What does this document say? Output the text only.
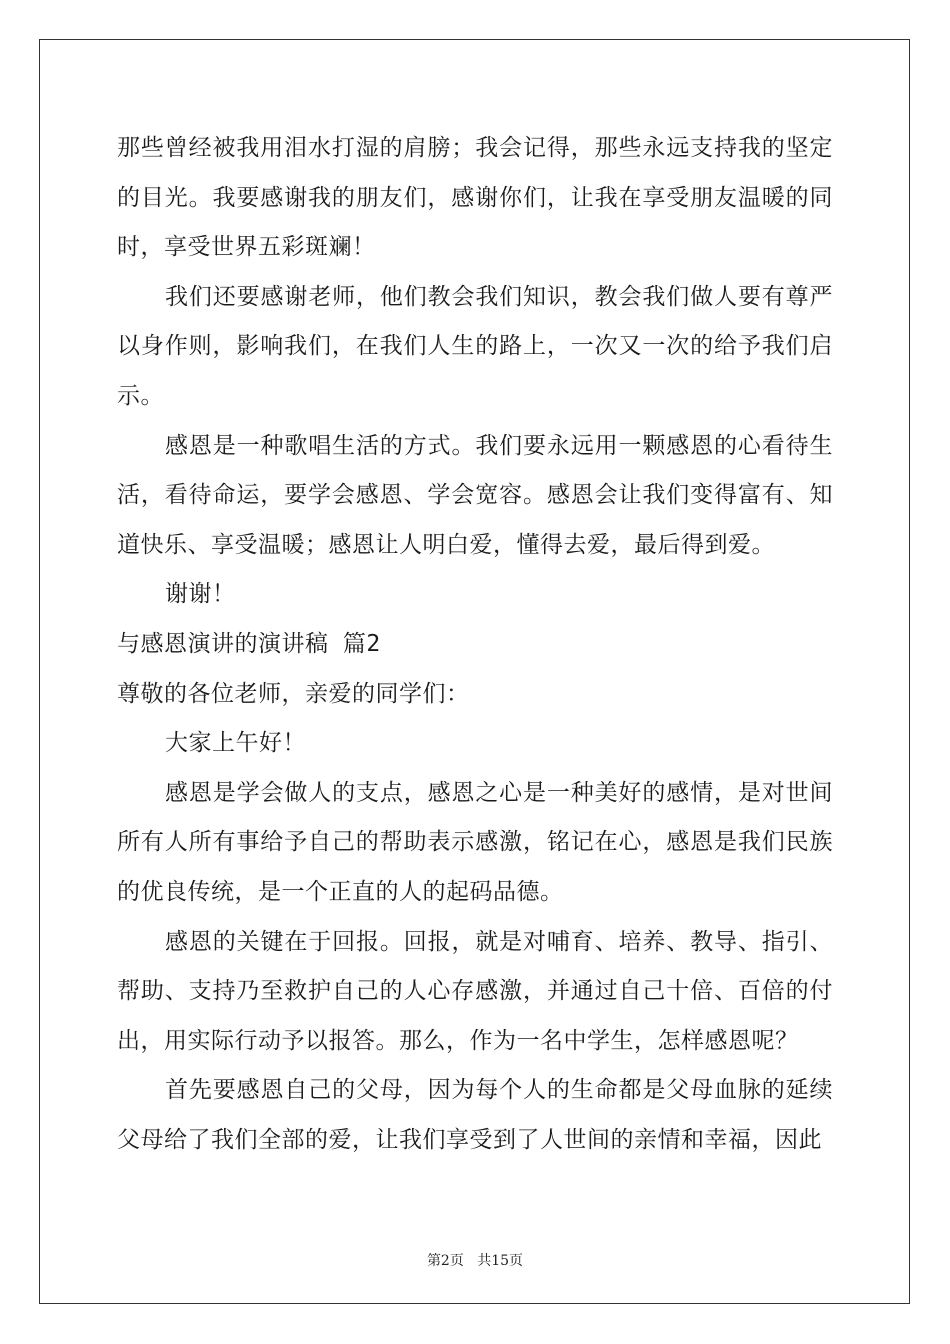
那些曾经被我用泪水打湿的肩膀；我会记得，那些永远支持我的坚定的目光。我要感谢我的朋友们，感谢你们，让我在享受朋友温暖的同时，享受世界五彩斑斓！

我们还要感谢老师，他们教会我们知识，教会我们做人要有尊严以身作则，影响我们，在我们人生的路上，一次又一次的给予我们启示。

感恩是一种歌唱生活的方式。我们要永远用一颗感恩的心看待生活，看待命运，要学会感恩、学会宽容。感恩会让我们变得富有、知道快乐、享受温暖；感恩让人明白爱，懂得去爱，最后得到爱。

谢谢！

与感恩演讲的演讲稿 篇2

尊敬的各位老师，亲爱的同学们：

大家上午好！

感恩是学会做人的支点，感恩之心是一种美好的感情，是对世间所有人所有事给予自己的帮助表示感激，铭记在心，感恩是我们民族的优良传统，是一个正直的人的起码品德。

感恩的关键在于回报。回报，就是对哺育、培养、教导、指引、帮助、支持乃至救护自己的人心存感激，并通过自己十倍、百倍的付出，用实际行动予以报答。那么，作为一名中学生，怎样感恩呢？

首先要感恩自己的父母，因为每个人的生命都是父母血脉的延续父母给了我们全部的爱，让我们享受到了人世间的亲情和幸福，因此

第2页 共15页
